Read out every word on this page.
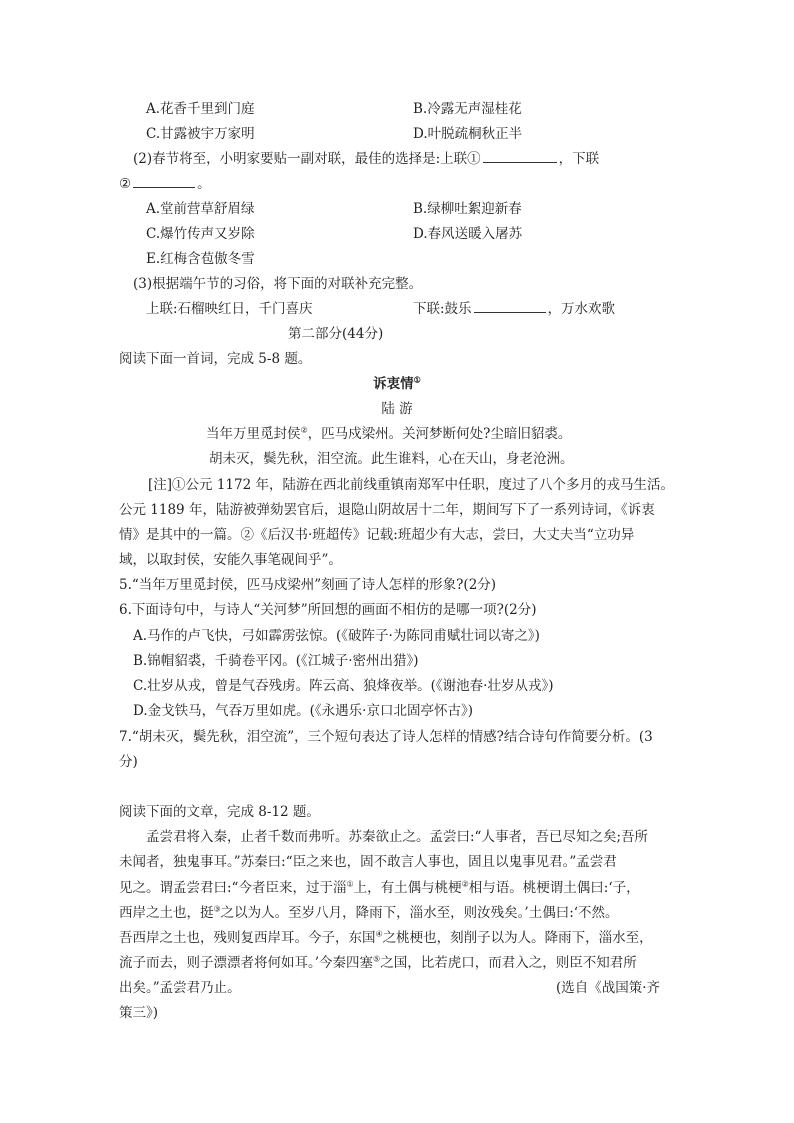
A.花香千里到门庭	B.冷露无声湿桂花
C.甘露被宇万家明	D.叶脱疏桐秋正半
(2)春节将至，小明家要贴一副对联，最佳的选择是:上联①	，下联
②	。
A.堂前营草舒眉绿	B.绿柳吐絮迎新春
C.爆竹传声又岁除	D.春风送暖入屠苏
E.红梅含苞傲冬雪
(3)根据端午节的习俗，将下面的对联补充完整。
上联:石榴映红日，千门喜庆	下联:鼓乐	，万水欢歌
第二部分(44分)
阅读下面一首词，完成 5-8 题。
诉衷情①
陆 游
当年万里觅封侯②，匹马戍梁州。关河梦断何处?尘暗旧貂裘。
胡未灭，鬓先秋，泪空流。此生谁料，心在天山，身老沧洲。
[注]①公元 1172 年，陆游在西北前线重镇南郑军中任职，度过了八个多月的戎马生活。
公元 1189 年，陆游被弹劾罢官后，退隐山阴故居十二年，期间写下了一系列诗词，《诉衷
情》是其中的一篇。②《后汉书·班超传》记载:班超少有大志，尝曰，大丈夫当“立功异
域，以取封侯，安能久事笔砚间乎”。
5.“当年万里觅封侯，匹马戍梁州”刻画了诗人怎样的形象?(2分)
6.下面诗句中，与诗人“关河梦”所回想的画面不相仿的是哪一项?(2分)
A.马作的卢飞快，弓如霹雳弦惊。(《破阵子·为陈同甫赋壮词以寄之》)
B.锦帽貂裘，千骑卷平冈。(《江城子·密州出猎》)
C.壮岁从戎，曾是气吞残虏。阵云高、狼烽夜举。(《谢池春·壮岁从戎》)
D.金戈铁马，气吞万里如虎。(《永遇乐·京口北固亭怀古》)
7.“胡未灭，鬓先秋，泪空流”，三个短句表达了诗人怎样的情感?结合诗句作简要分析。(3
分)
阅读下面的文章，完成 8-12 题。
孟尝君将入秦，止者千数而弗听。苏秦欲止之。孟尝曰:“人事者，吾已尽知之矣;吾所
未闻者，独鬼事耳。”苏秦曰:“臣之来也，固不敢言人事也，固且以鬼事见君。”孟尝君
见之。谓孟尝君曰:“今者臣来，过于淄①上，有土偶与桃梗②相与语。桃梗谓土偶曰:‘子，
西岸之土也，挺③之以为人。至岁八月，降雨下，淄水至，则汝残矣。’土偶曰:‘不然。
吾西岸之土也，残则复西岸耳。今子，东国④之桃梗也，刻削子以为人。降雨下，淄水至，
流子而去，则子漂漂者将何如耳。’今秦四塞⑤之国，比若虎口，而君入之，则臣不知君所
出矣。”孟尝君乃止。	(选自《战国策·齐
策三》)
